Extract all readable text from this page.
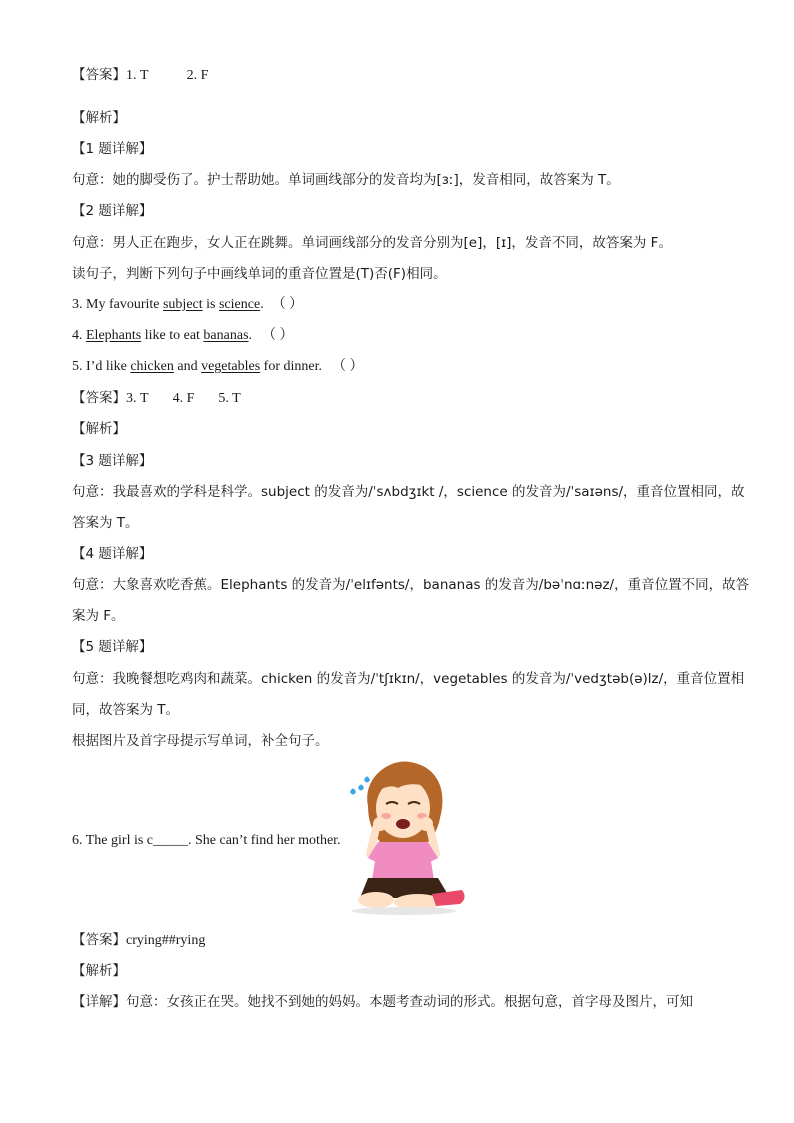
【答案】1. T	2. F
【解析】
【1 题详解】
句意：她的脚受伤了。护士帮助她。单词画线部分的发音均为[ɜː]，发音相同，故答案为 T。
【2 题详解】
句意：男人正在跑步，女人正在跳舞。单词画线部分的发音分别为[e]，[ɪ]，发音不同，故答案为 F。
读句子，判断下列句子中画线单词的重音位置是(T)否(F)相同。
3. My favourite subject is science. （ ）
4. Elephants like to eat bananas. （ ）
5. I’d like chicken and vegetables for dinner. （ ）
【答案】3. T 4. F 5. T
【解析】
【3 题详解】
句意：我最喜欢的学科是科学。subject 的发音为/ˈsʌbdʒɪkt /，science 的发音为/ˈsaɪəns/，重音位置相同，故
答案为 T。
【4 题详解】
句意：大象喜欢吃香蕉。Elephants 的发音为/ˈelɪfənts/，bananas 的发音为/bəˈnɑːnəz/，重音位置不同，故答
案为 F。
【5 题详解】
句意：我晚餐想吃鸡肉和蔬菜。chicken 的发音为/ˈtʃɪkɪn/，vegetables 的发音为/ˈvedʒtəb(ə)lz/，重音位置相
同，故答案为 T。
根据图片及首字母提示写单词，补全句子。
6. The girl is c_____. She can’t find her mother.
【答案】crying##rying
【解析】
【详解】句意：女孩正在哭。她找不到她的妈妈。本题考查动词的形式。根据句意，首字母及图片，可知
